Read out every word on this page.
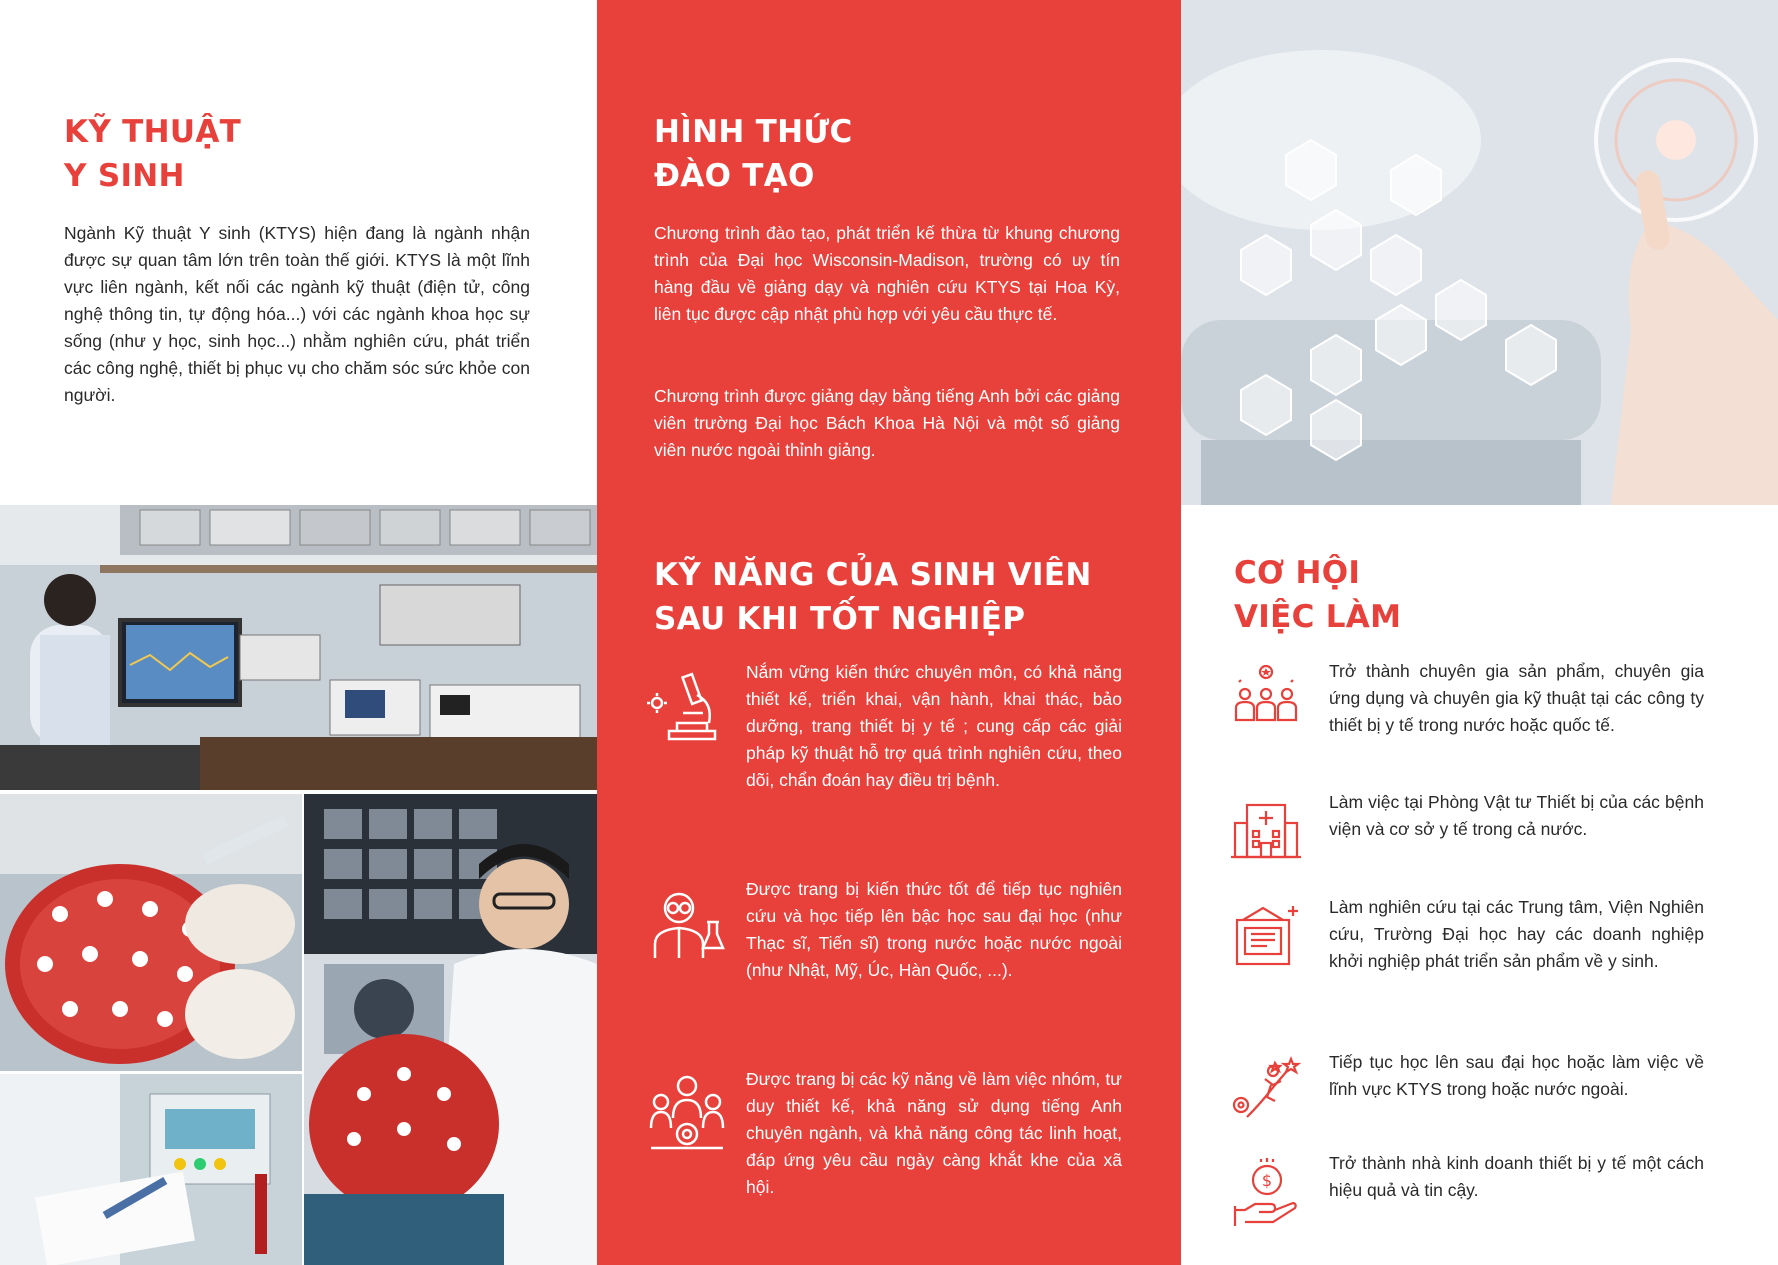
KỸ THUẬT
Y SINH

Ngành Kỹ thuật Y sinh (KTYS) hiện đang là ngành nhận được sự quan tâm lớn trên toàn thế giới. KTYS là một lĩnh vực liên ngành, kết nối các ngành kỹ thuật (điện tử, công nghệ thông tin, tự động hóa...) với các ngành khoa học sự sống (như y học, sinh học...) nhằm nghiên cứu, phát triển các công nghệ, thiết bị phục vụ cho chăm sóc sức khỏe con người.

HÌNH THỨC
ĐÀO TẠO

Chương trình đào tạo, phát triển kế thừa từ khung chương trình của Đại học Wisconsin-Madison, trường có uy tín hàng đầu về giảng dạy và nghiên cứu KTYS tại Hoa Kỳ, liên tục được cập nhật phù hợp với yêu cầu thực tế.

Chương trình được giảng dạy bằng tiếng Anh bởi các giảng viên trường Đại học Bách Khoa Hà Nội và một số giảng viên nước ngoài thỉnh giảng.

KỸ NĂNG CỦA SINH VIÊN
SAU KHI TỐT NGHIỆP
Nắm vững kiến thức chuyên môn, có khả năng thiết kế, triển khai, vận hành, khai thác, bảo dưỡng, trang thiết bị y tế ; cung cấp các giải pháp kỹ thuật hỗ trợ quá trình nghiên cứu, theo dõi, chẩn đoán hay điều trị bệnh.
Được trang bị kiến thức tốt để tiếp tục nghiên cứu và học tiếp lên bậc học sau đại học (như Thạc sĩ, Tiến sĩ) trong nước hoặc nước ngoài (như Nhật, Mỹ, Úc, Hàn Quốc, ...).
Được trang bị các kỹ năng về làm việc nhóm, tư duy thiết kế, khả năng sử dụng tiếng Anh chuyên ngành, và khả năng công tác linh hoạt, đáp ứng yêu cầu ngày càng khắt khe của xã hội.
CƠ HỘI
VIỆC LÀM
Trở thành chuyên gia sản phẩm, chuyên gia ứng dụng và chuyên gia kỹ thuật tại các công ty thiết bị y tế trong nước hoặc quốc tế.
Làm việc tại Phòng Vật tư Thiết bị của các bệnh viện và cơ sở y tế trong cả nước.
Làm nghiên cứu tại các Trung tâm, Viện Nghiên cứu, Trường Đại học hay các doanh nghiệp khởi nghiệp phát triển sản phẩm về y sinh.
Tiếp tục học lên sau đại học hoặc làm việc về lĩnh vực KTYS trong hoặc nước ngoài.
$
Trở thành nhà kinh doanh thiết bị y tế một cách hiệu quả và tin cậy.
